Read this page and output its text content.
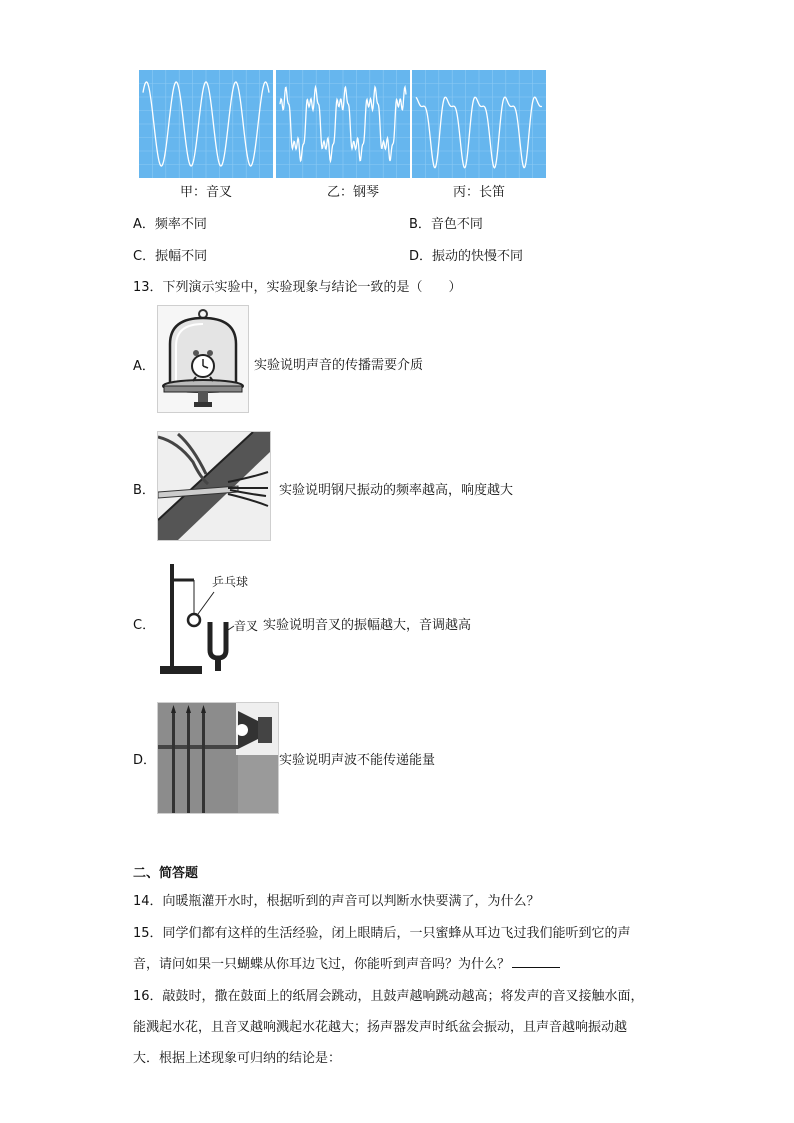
甲：音叉	乙：钢琴	丙：长笛
A．频率不同	B．音色不同
C．振幅不同	D．振动的快慢不同
13．下列演示实验中，实验现象与结论一致的是（　　）
A．	实验说明声音的传播需要介质
B．	实验说明钢尺振动的频率越高，响度越大
C．
乒乓球
音叉 实验说明音叉的振幅越大，音调越高
D．	实验说明声波不能传递能量
二、简答题
14．向暖瓶灌开水时，根据听到的声音可以判断水快要满了，为什么？
15．同学们都有这样的生活经验，闭上眼睛后，一只蜜蜂从耳边飞过我们能听到它的声
音，请问如果一只蝴蝶从你耳边飞过，你能听到声音吗？为什么？
16．敲鼓时，撒在鼓面上的纸屑会跳动，且鼓声越响跳动越高；将发声的音叉接触水面，
能溅起水花，且音叉越响溅起水花越大；扬声器发声时纸盆会振动，且声音越响振动越
大．根据上述现象可归纳的结论是：
